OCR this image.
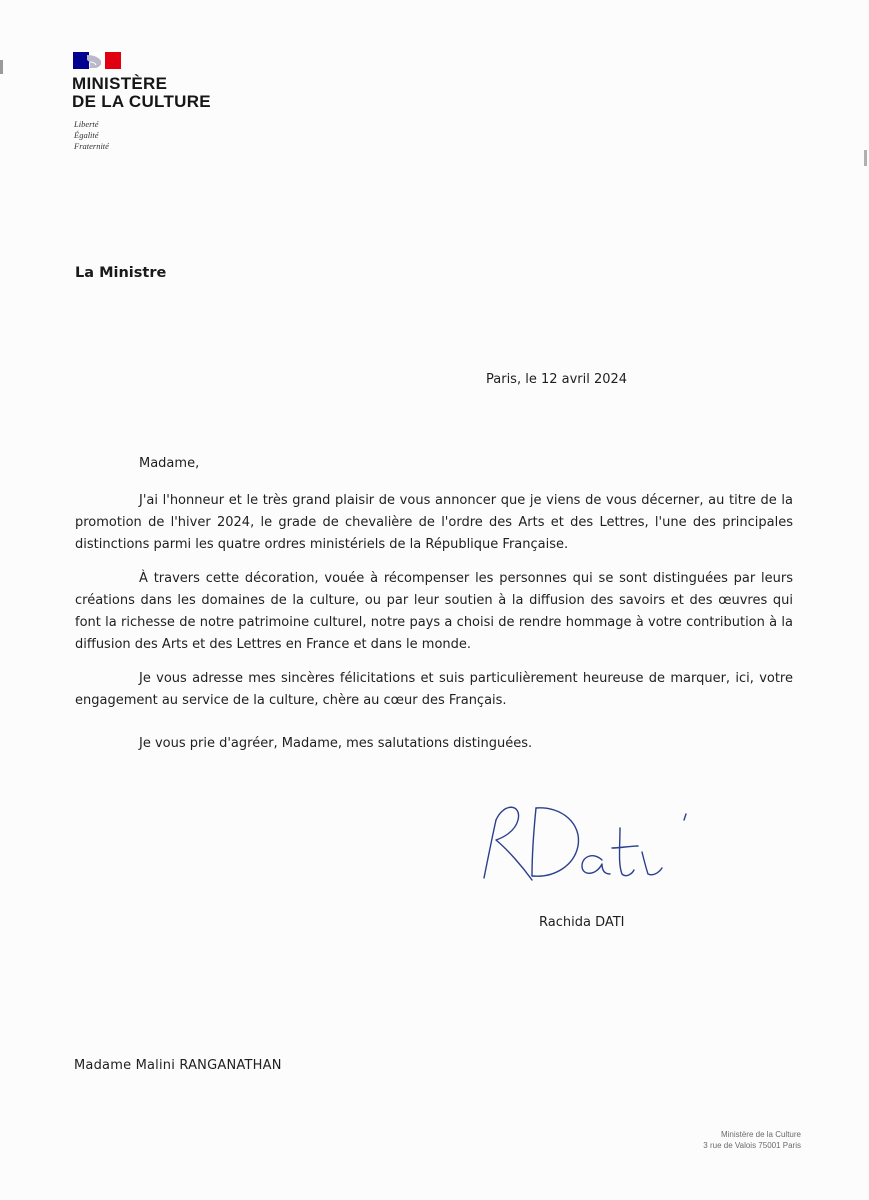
MINISTÈRE
DE LA CULTURE
Liberté
Égalité
Fraternité
La Ministre
Paris, le 12 avril 2024
Madame,

J'ai l'honneur et le très grand plaisir de vous annoncer que je viens de vous décerner, au titre de la promotion de l'hiver 2024, le grade de chevalière de l'ordre des Arts et des Lettres, l'une des principales distinctions parmi les quatre ordres ministériels de la République Française.

À travers cette décoration, vouée à récompenser les personnes qui se sont distinguées par leurs créations dans les domaines de la culture, ou par leur soutien à la diffusion des savoirs et des œuvres qui font la richesse de notre patrimoine culturel, notre pays a choisi de rendre hommage à votre contribution à la diffusion des Arts et des Lettres en France et dans le monde.

Je vous adresse mes sincères félicitations et suis particulièrement heureuse de marquer, ici, votre engagement au service de la culture, chère au cœur des Français.

Je vous prie d'agréer, Madame, mes salutations distinguées.
Rachida DATI
Madame Malini RANGANATHAN
Ministère de la Culture
3 rue de Valois 75001 Paris
